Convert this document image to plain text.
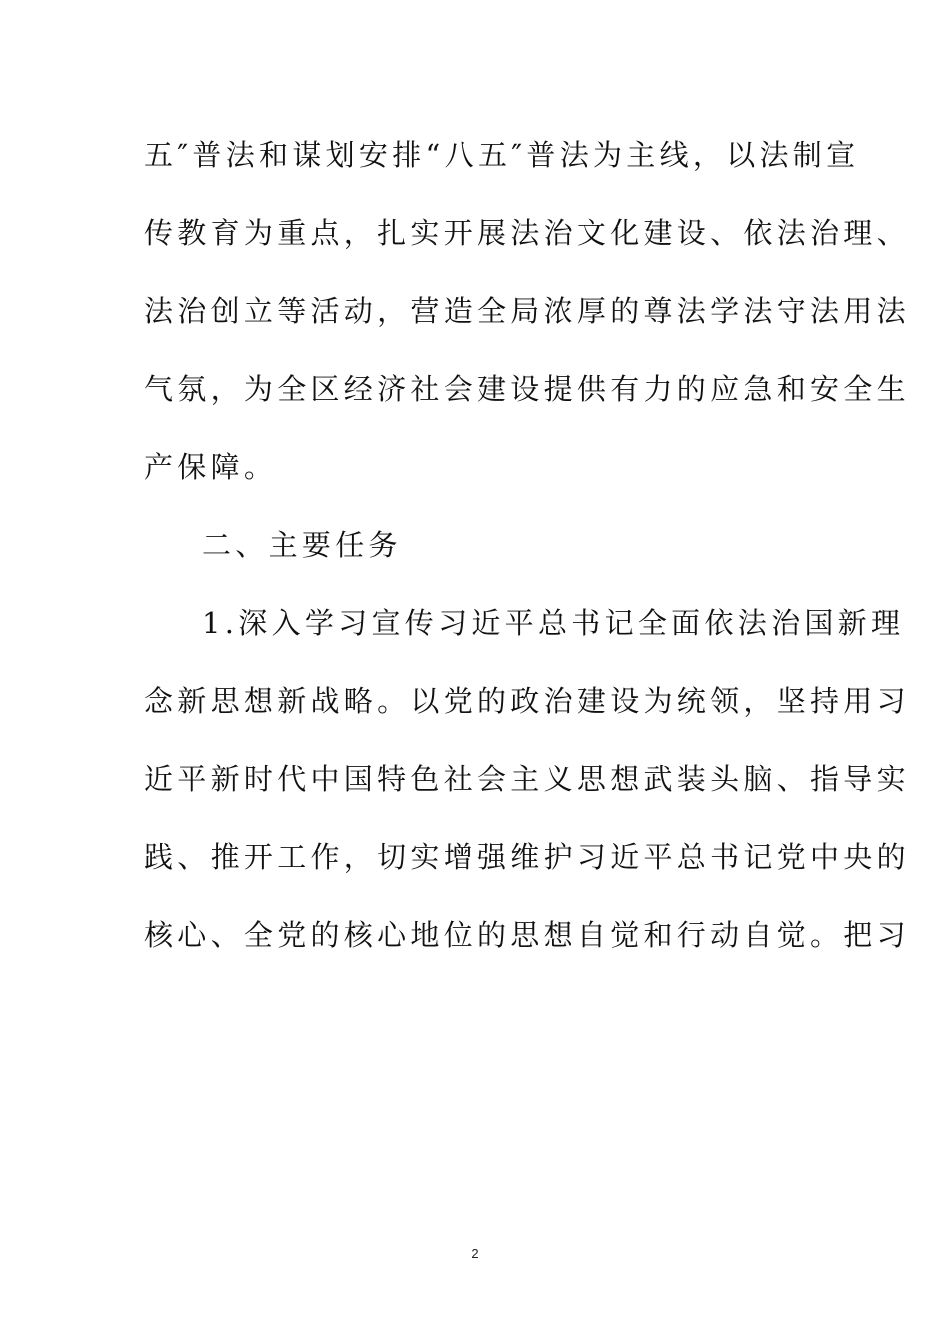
五″普法和谋划安排“八五″普法为主线，以法制宣
传教育为重点，扎实开展法治文化建设、依法治理、
法治创立等活动，营造全局浓厚的尊法学法守法用法
气氛，为全区经济社会建设提供有力的应急和安全生
产保障。
二、主要任务
1.深入学习宣传习近平总书记全面依法治国新理
念新思想新战略。以党的政治建设为统领，坚持用习
近平新时代中国特色社会主义思想武装头脑、指导实
践、推开工作，切实增强维护习近平总书记党中央的
核心、全党的核心地位的思想自觉和行动自觉。把习
2
